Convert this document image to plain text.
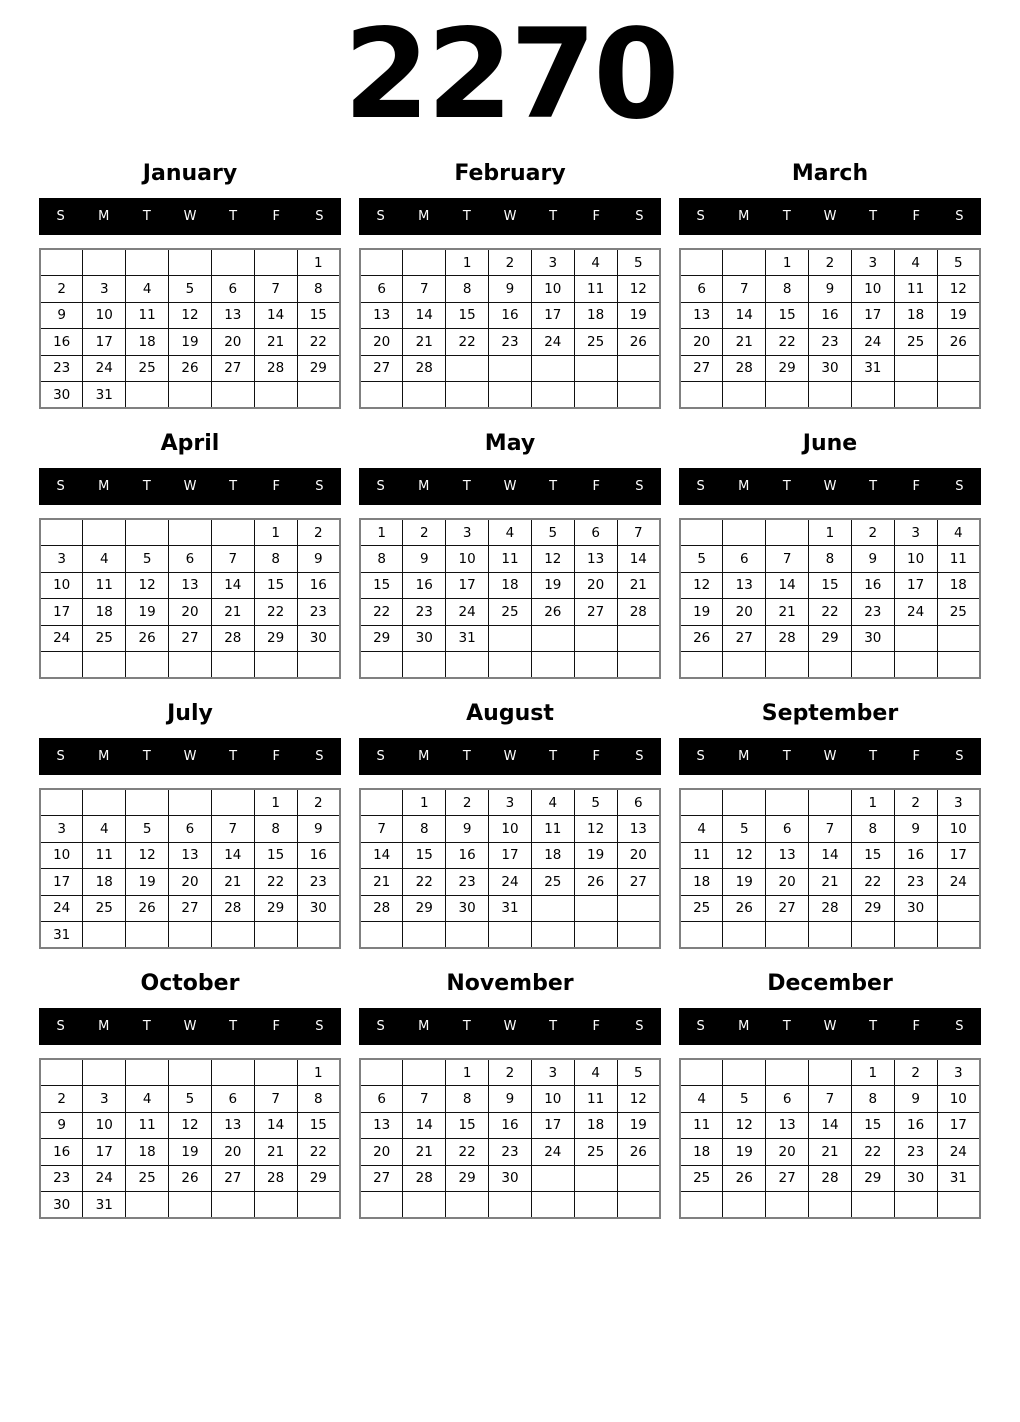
2270
January
S	M	T	W	T	F	S
						1
2	3	4	5	6	7	8
9	10	11	12	13	14	15
16	17	18	19	20	21	22
23	24	25	26	27	28	29
30	31					
February
S	M	T	W	T	F	S
		1	2	3	4	5
6	7	8	9	10	11	12
13	14	15	16	17	18	19
20	21	22	23	24	25	26
27	28					

March
S	M	T	W	T	F	S
		1	2	3	4	5
6	7	8	9	10	11	12
13	14	15	16	17	18	19
20	21	22	23	24	25	26
27	28	29	30	31		

April
S	M	T	W	T	F	S
					1	2
3	4	5	6	7	8	9
10	11	12	13	14	15	16
17	18	19	20	21	22	23
24	25	26	27	28	29	30

May
S	M	T	W	T	F	S
1	2	3	4	5	6	7
8	9	10	11	12	13	14
15	16	17	18	19	20	21
22	23	24	25	26	27	28
29	30	31				

June
S	M	T	W	T	F	S
			1	2	3	4
5	6	7	8	9	10	11
12	13	14	15	16	17	18
19	20	21	22	23	24	25
26	27	28	29	30		

July
S	M	T	W	T	F	S
					1	2
3	4	5	6	7	8	9
10	11	12	13	14	15	16
17	18	19	20	21	22	23
24	25	26	27	28	29	30
31						
August
S	M	T	W	T	F	S
	1	2	3	4	5	6
7	8	9	10	11	12	13
14	15	16	17	18	19	20
21	22	23	24	25	26	27
28	29	30	31			

September
S	M	T	W	T	F	S
				1	2	3
4	5	6	7	8	9	10
11	12	13	14	15	16	17
18	19	20	21	22	23	24
25	26	27	28	29	30	

October
S	M	T	W	T	F	S
						1
2	3	4	5	6	7	8
9	10	11	12	13	14	15
16	17	18	19	20	21	22
23	24	25	26	27	28	29
30	31					
November
S	M	T	W	T	F	S
		1	2	3	4	5
6	7	8	9	10	11	12
13	14	15	16	17	18	19
20	21	22	23	24	25	26
27	28	29	30			

December
S	M	T	W	T	F	S
				1	2	3
4	5	6	7	8	9	10
11	12	13	14	15	16	17
18	19	20	21	22	23	24
25	26	27	28	29	30	31
